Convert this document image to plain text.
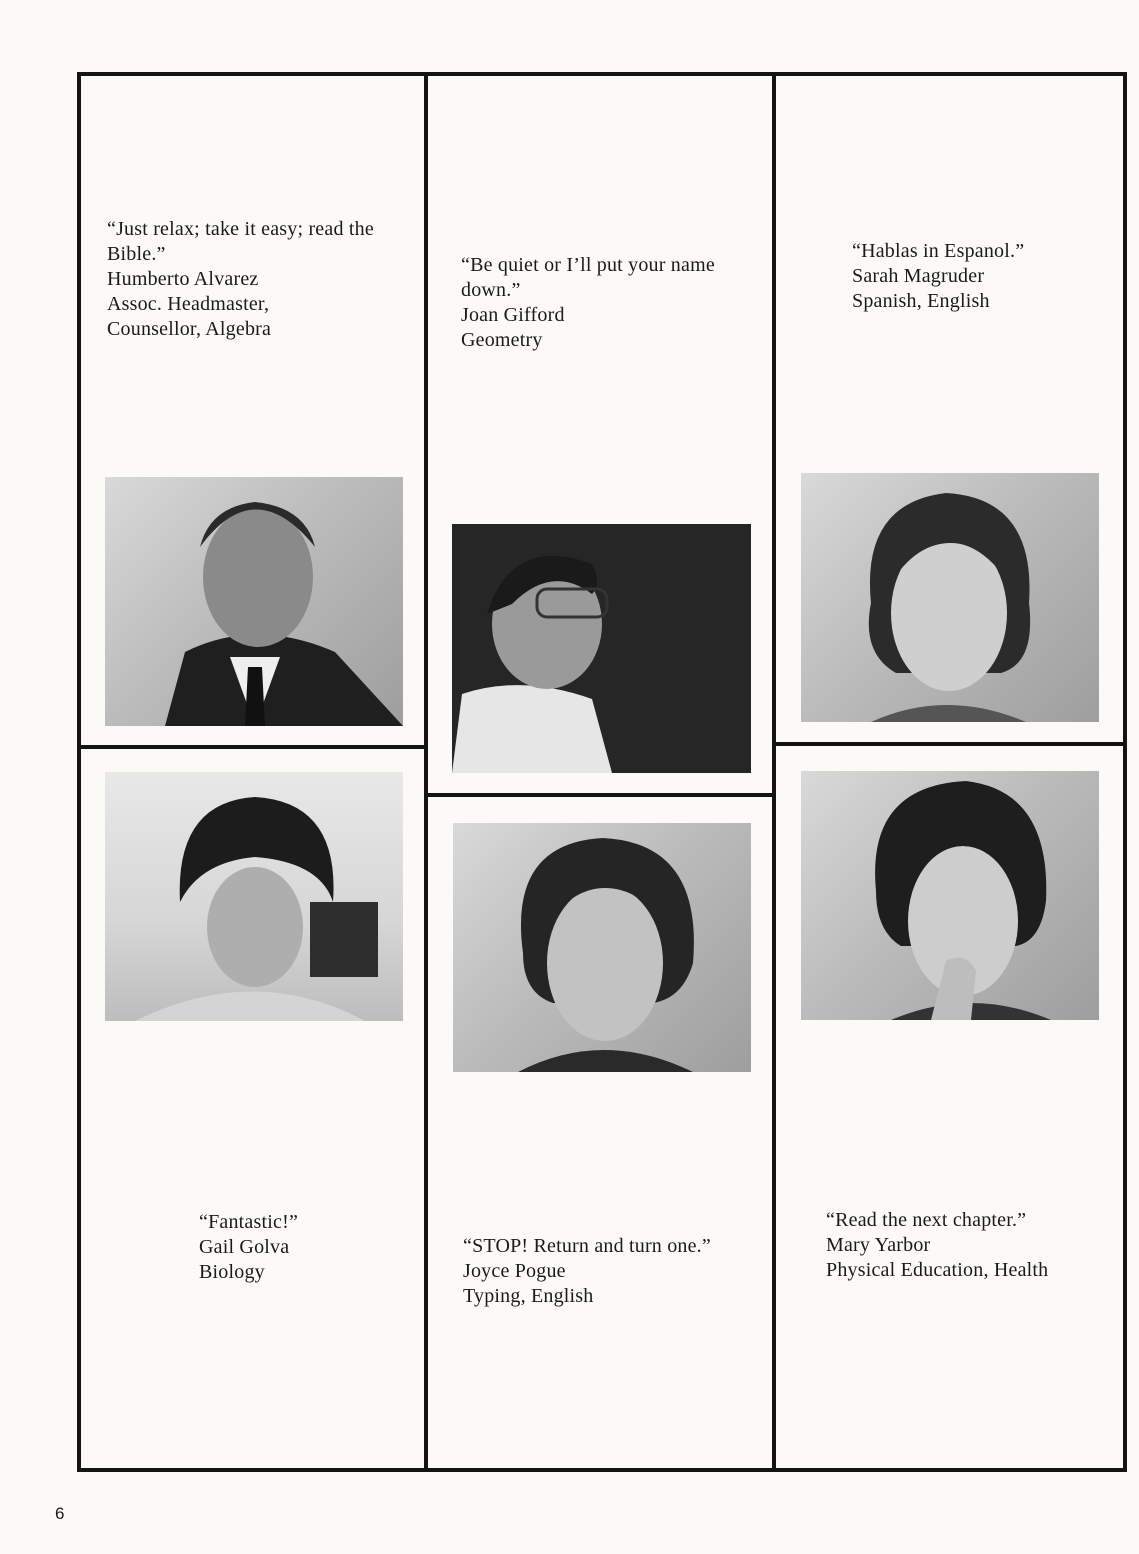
“Just relax; take it easy; read the Bible.”
Humberto Alvarez
Assoc. Headmaster,
Counsellor, Algebra
“Be quiet or I’ll put your name down.”
Joan Gifford
Geometry
“Hablas in Espanol.”
Sarah Magruder
Spanish, English
“Fantastic!”
Gail Golva
Biology
“STOP! Return and turn one.”
Joyce Pogue
Typing, English
“Read the next chapter.”
Mary Yarbor
Physical Education, Health
6
